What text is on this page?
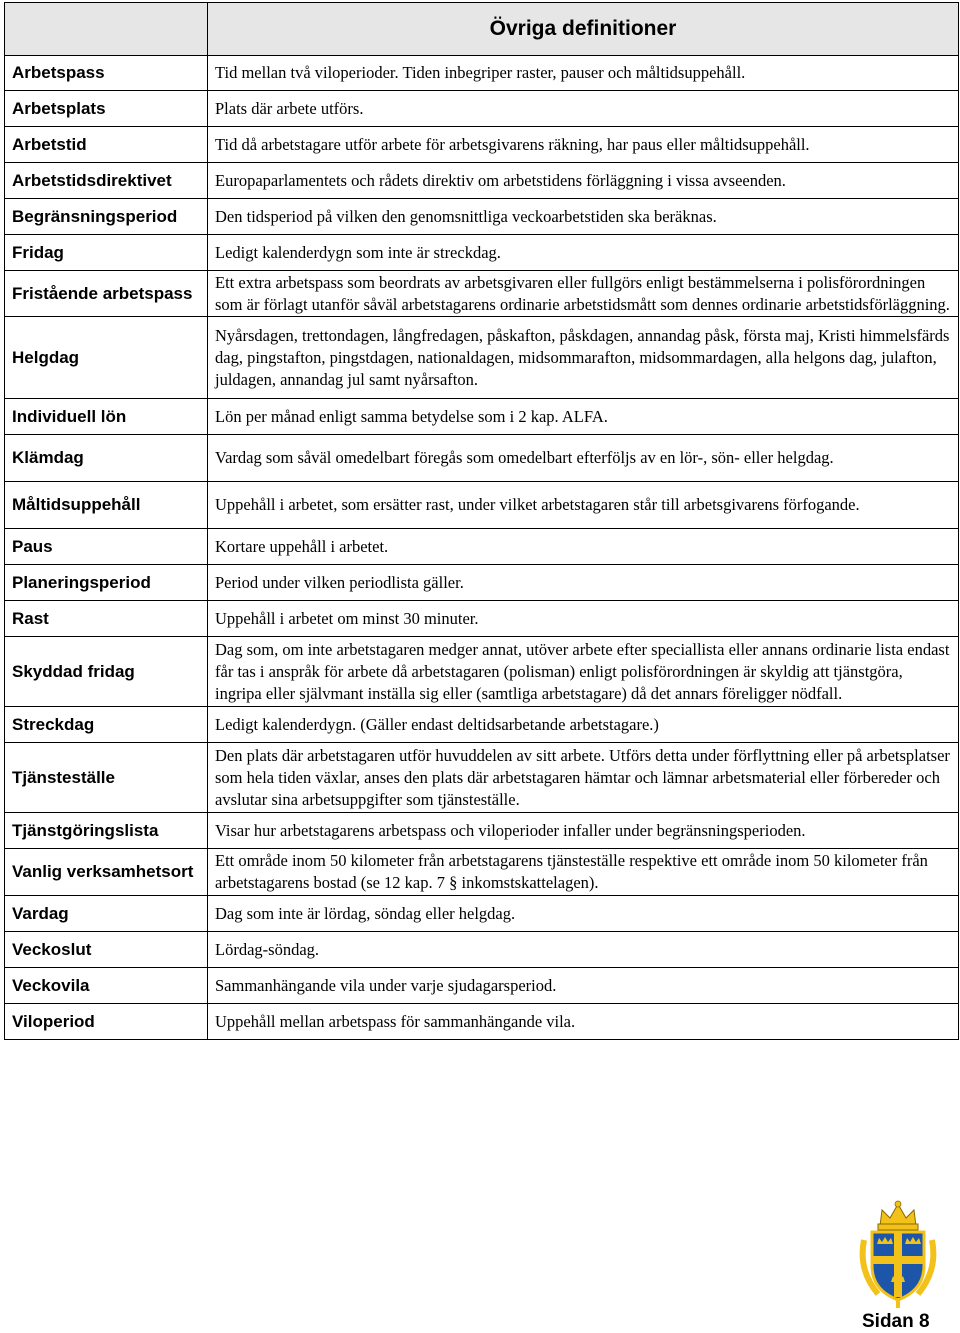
	Övriga definitioner
Arbetspass	Tid mellan två viloperioder. Tiden inbegriper raster, pauser och måltidsuppehåll.
Arbetsplats	Plats där arbete utförs.
Arbetstid	Tid då arbetstagare utför arbete för arbetsgivarens räkning, har paus eller måltidsuppehåll.
Arbetstidsdirektivet	Europaparlamentets och rådets direktiv om arbetstidens förläggning i vissa avseenden.
Begränsningsperiod	Den tidsperiod på vilken den genomsnittliga veckoarbetstiden ska beräknas.
Fridag	Ledigt kalenderdygn som inte är streckdag.
Fristående arbetspass	Ett extra arbetspass som beordrats av arbetsgivaren eller fullgörs enligt bestämmelserna i polisförordningen som är förlagt utanför såväl arbetstagarens ordinarie arbetstidsmått som dennes ordinarie arbetstidsförläggning.
Helgdag	Nyårsdagen, trettondagen, långfredagen, påskafton, påskdagen, annandag påsk, första maj, Kristi himmelsfärds dag, pingstafton, pingstdagen, nationaldagen, midsommarafton, midsommardagen, alla helgons dag, julafton, juldagen, annandag jul samt nyårsafton.
Individuell lön	Lön per månad enligt samma betydelse som i 2 kap. ALFA.
Klämdag	Vardag som såväl omedelbart föregås som omedelbart efterföljs av en lör-, sön- eller helgdag.
Måltidsuppehåll	Uppehåll i arbetet, som ersätter rast, under vilket arbetstagaren står till arbetsgivarens förfogande.
Paus	Kortare uppehåll i arbetet.
Planeringsperiod	Period under vilken periodlista gäller.
Rast	Uppehåll i arbetet om minst 30 minuter.
Skyddad fridag	Dag som, om inte arbetstagaren medger annat, utöver arbete efter speciallista eller annans ordinarie lista endast får tas i anspråk för arbete då arbetstagaren (polisman) enligt polisförordningen är skyldig att tjänstgöra, ingripa eller självmant inställa sig eller (samtliga arbetstagare) då det annars föreligger nödfall.
Streckdag	Ledigt kalenderdygn. (Gäller endast deltidsarbetande arbetstagare.)
Tjänsteställe	Den plats där arbetstagaren utför huvuddelen av sitt arbete. Utförs detta under förflyttning eller på arbetsplatser som hela tiden växlar, anses den plats där arbetstagaren hämtar och lämnar arbetsmaterial eller förbereder och avslutar sina arbetsuppgifter som tjänsteställe.
Tjänstgöringslista	Visar hur arbetstagarens arbetspass och viloperioder infaller under begränsningsperioden.
Vanlig verksamhetsort	Ett område inom 50 kilometer från arbetstagarens tjänsteställe respektive ett område inom 50 kilometer från arbetstagarens bostad (se 12 kap. 7 § inkomstskattelagen).
Vardag	Dag som inte är lördag, söndag eller helgdag.
Veckoslut	Lördag-söndag.
Veckovila	Sammanhängande vila under varje sjudagarsperiod.
Viloperiod	Uppehåll mellan arbetspass för sammanhängande vila.
Sidan 8
